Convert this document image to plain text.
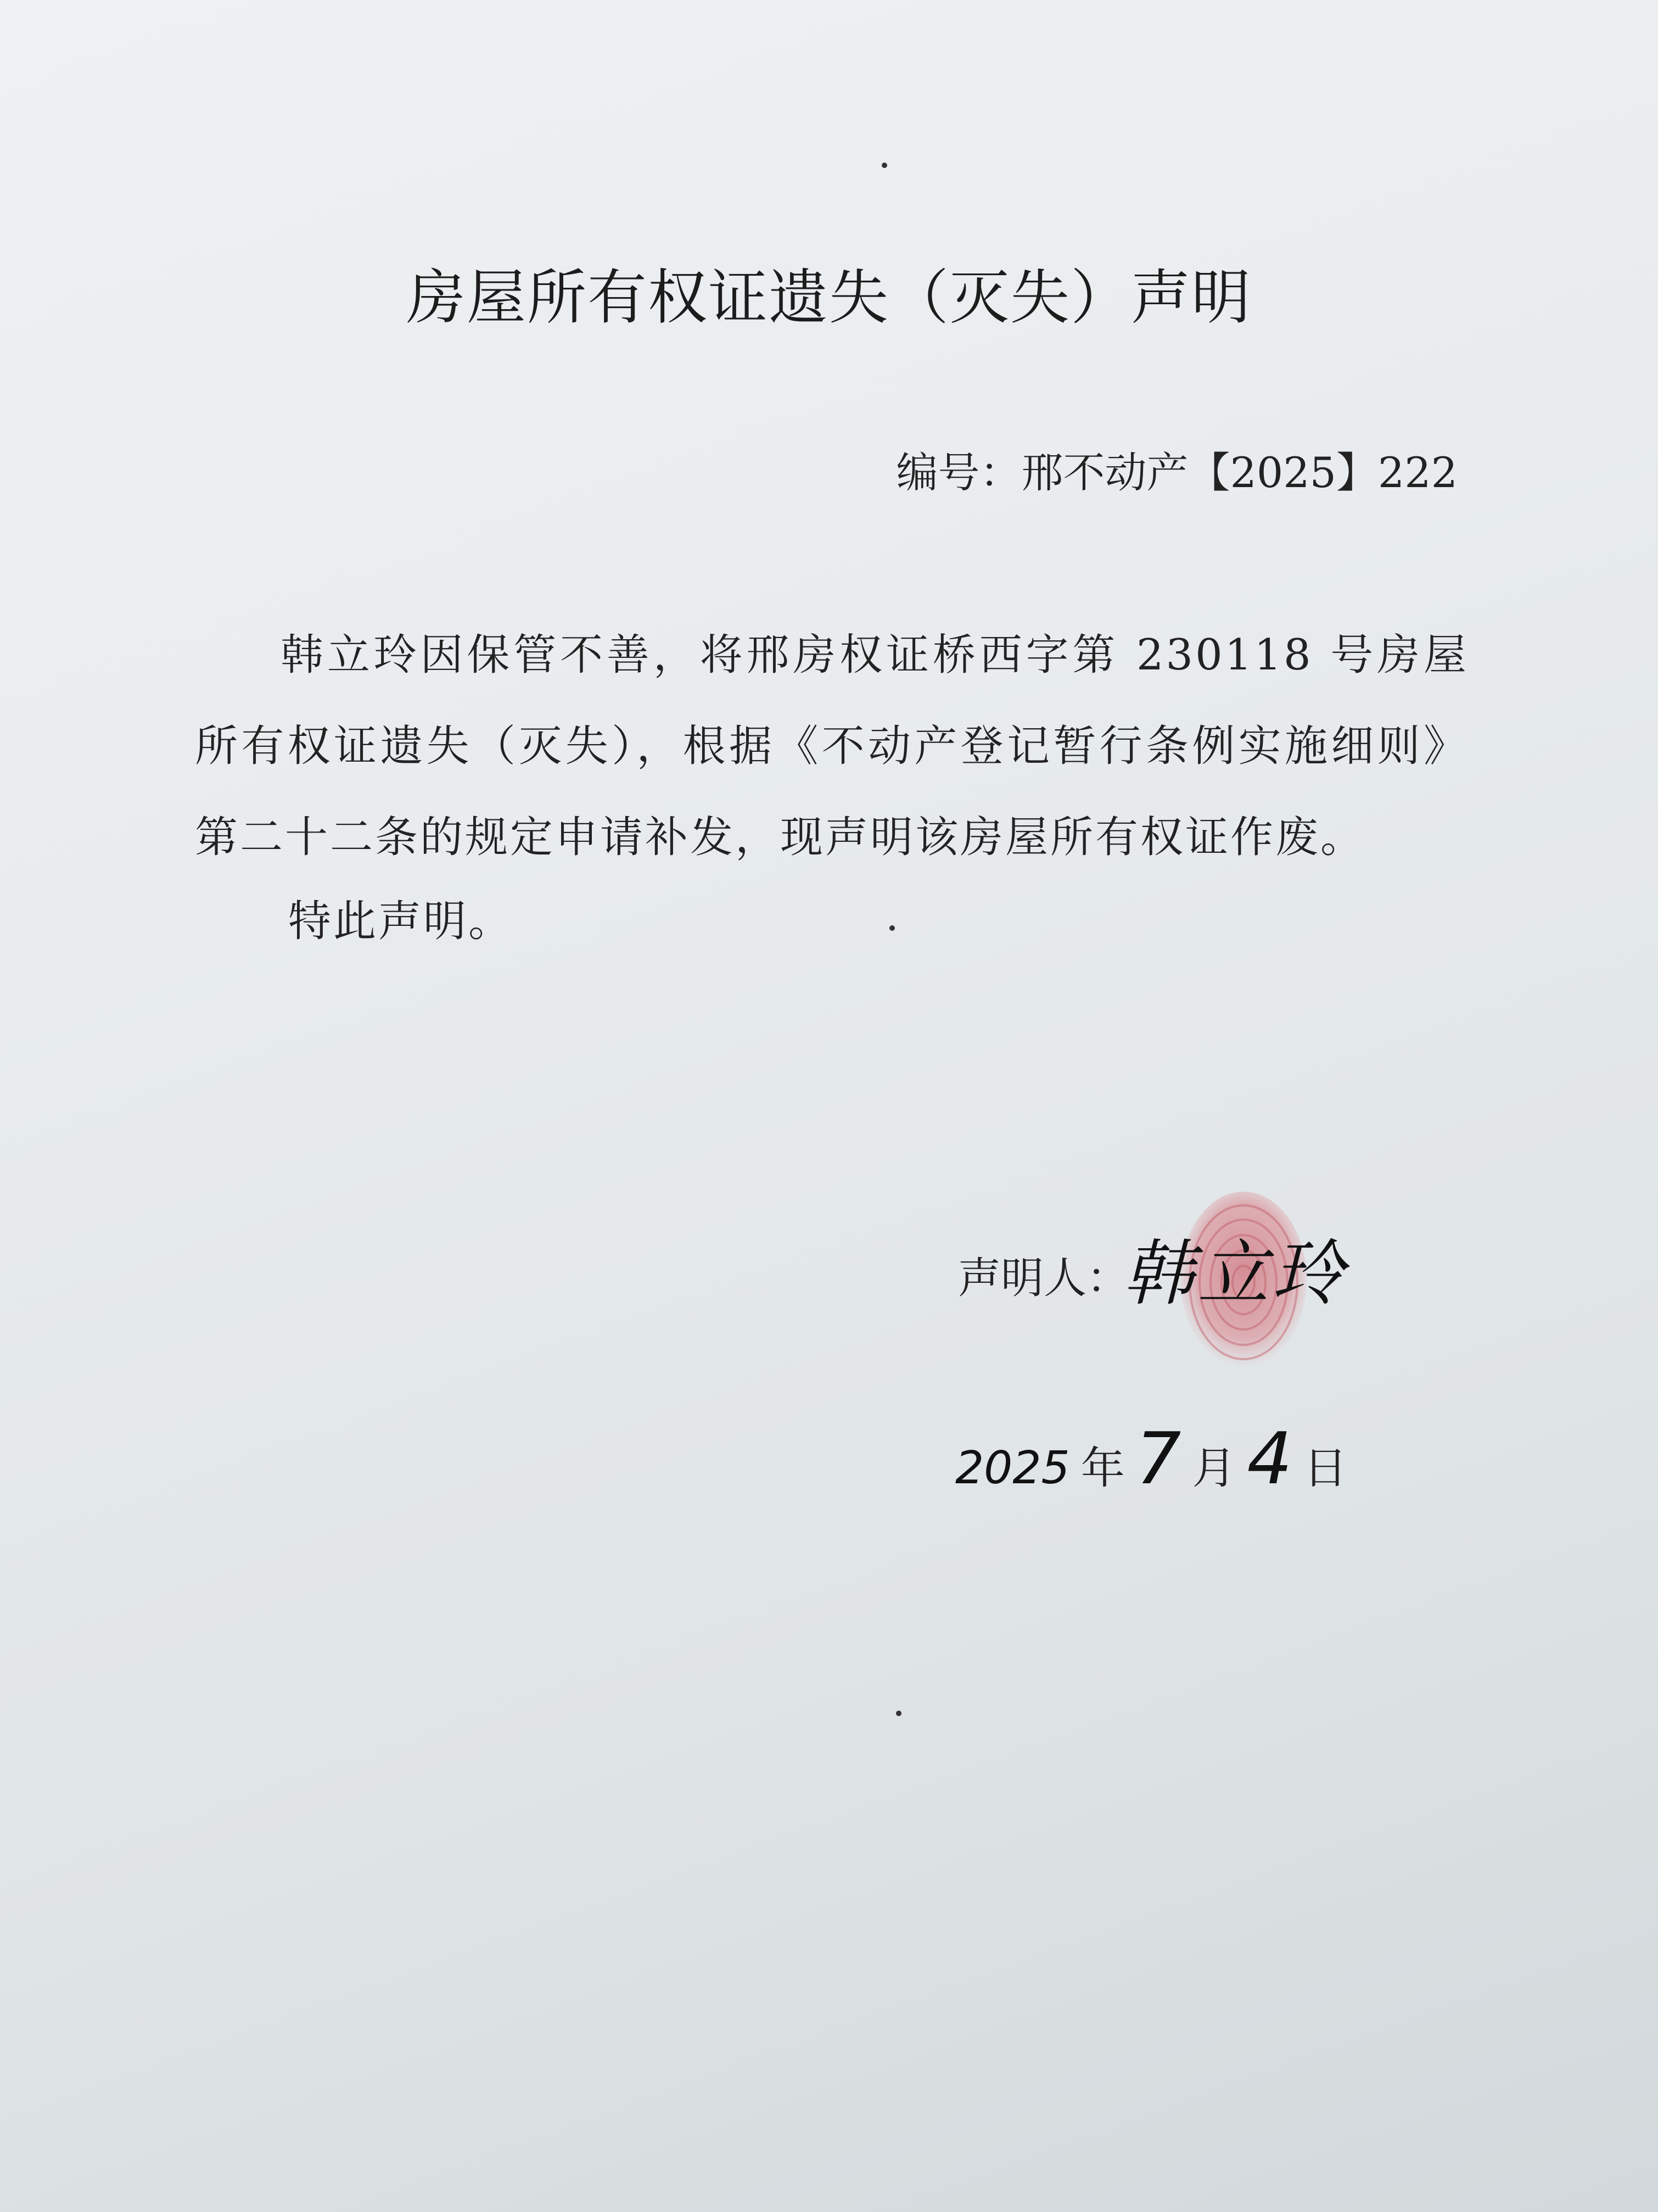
房屋所有权证遗失（灭失）声明
编号：邢不动产【2025】222
韩立玲因保管不善，将邢房权证桥西字第 230118 号房屋所有权证遗失（灭失），根据《不动产登记暂行条例实施细则》第二十二条的规定申请补发，现声明该房屋所有权证作废。
特此声明。
声明人：
韩立玲
2025 年 7 月 4 日
